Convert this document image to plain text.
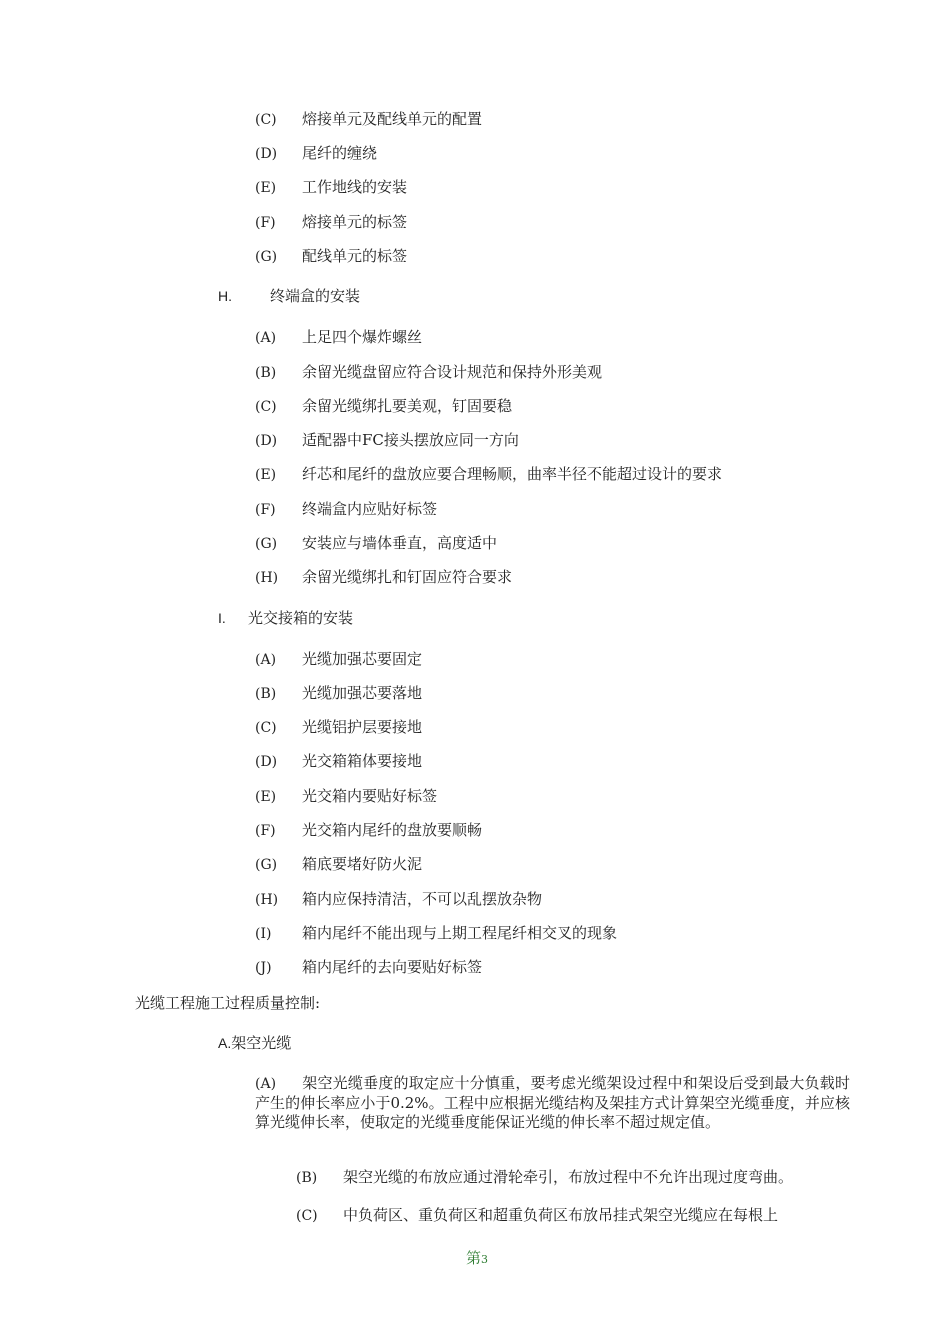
(C) 熔接单元及配线单元的配置
(D) 尾纤的缠绕
(E) 工作地线的安装
(F) 熔接单元的标签
(G) 配线单元的标签
H.	终端盒的安装
(A) 上足四个爆炸螺丝
(B) 余留光缆盘留应符合设计规范和保持外形美观
(C) 余留光缆绑扎要美观，钉固要稳
(D) 适配器中FC接头摆放应同一方向
(E) 纤芯和尾纤的盘放应要合理畅顺，曲率半径不能超过设计的要求
(F) 终端盒内应贴好标签
(G) 安装应与墙体垂直，高度适中
(H) 余留光缆绑扎和钉固应符合要求
I. 光交接箱的安装
(A) 光缆加强芯要固定
(B) 光缆加强芯要落地
(C) 光缆铝护层要接地
(D) 光交箱箱体要接地
(E) 光交箱内要贴好标签
(F) 光交箱内尾纤的盘放要顺畅
(G) 箱底要堵好防火泥
(H) 箱内应保持清洁，不可以乱摆放杂物
(I) 箱内尾纤不能出现与上期工程尾纤相交叉的现象
(J) 箱内尾纤的去向要贴好标签
光缆工程施工过程质量控制:
A.架空光缆
(A) 架空光缆垂度的取定应十分慎重，要考虑光缆架设过程中和架设后受到最大负载时产生的伸长率应小于0.2%。工程中应根据光缆结构及架挂方式计算架空光缆垂度，并应核算光缆伸长率，使取定的光缆垂度能保证光缆的伸长率不超过规定值。
(B) 架空光缆的布放应通过滑轮牵引，布放过程中不允许出现过度弯曲。
(C) 中负荷区、重负荷区和超重负荷区布放吊挂式架空光缆应在每根上
第3
